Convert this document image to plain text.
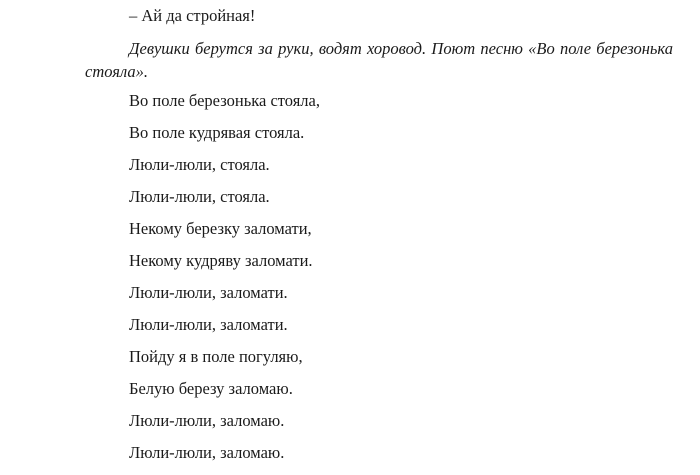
– Ай да стройная!

Девушки берутся за руки, водят хоровод. Поют песню «Во поле березонька стояла».

Во поле березонька стояла,
Во поле кудрявая стояла.
Люли-люли, стояла.
Люли-люли, стояла.
Некому березку заломати,
Некому кудряву заломати.
Люли-люли, заломати.
Люли-люли, заломати.
Пойду я в поле погуляю,
Белую березу заломаю.
Люли-люли, заломаю.
Люли-люли, заломаю.
